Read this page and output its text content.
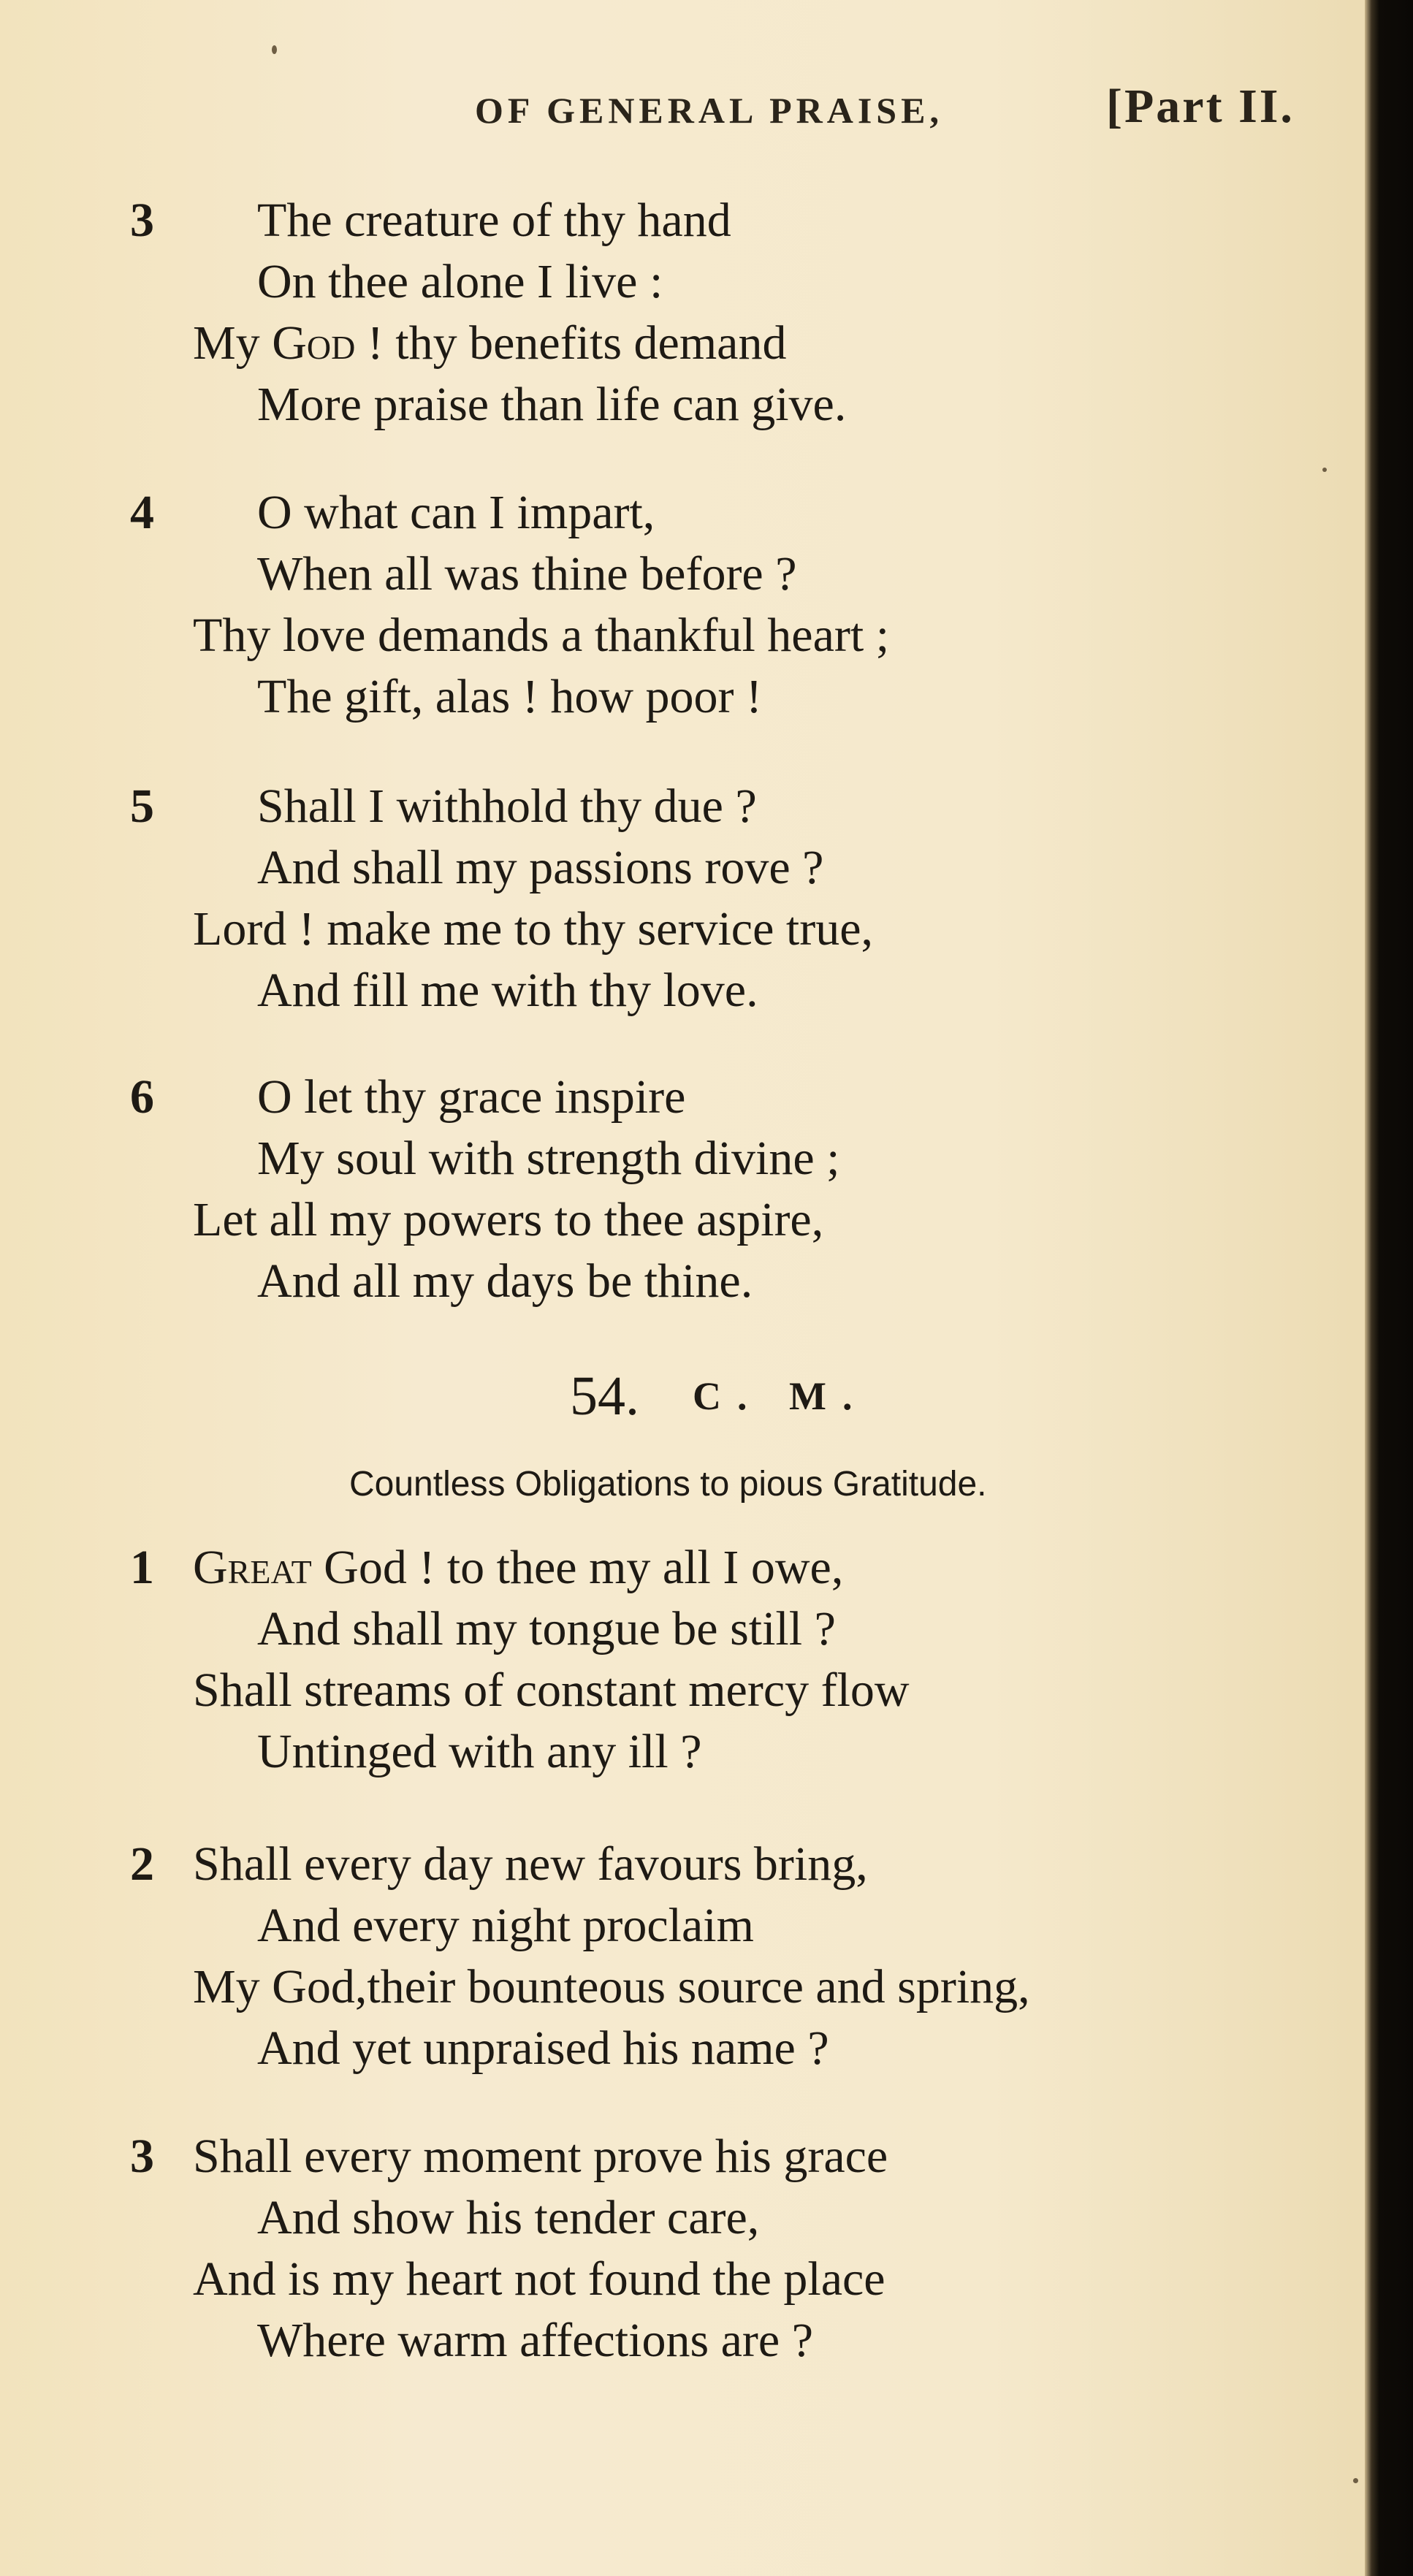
OF GENERAL PRAISE,	[Part II.
3 The creature of thy hand
On thee alone I live :
My God ! thy benefits demand
More praise than life can give.
4 O what can I impart,
When all was thine before ?
Thy love demands a thankful heart ;
The gift, alas ! how poor !
5 Shall I withhold thy due ?
And shall my passions rove ?
Lord ! make me to thy service true,
And fill me with thy love.
6 O let thy grace inspire
My soul with strength divine ;
Let all my powers to thee aspire,
And all my days be thine.
54. C. M.
Countless Obligations to pious Gratitude.
1 Great God ! to thee my all I owe,
And shall my tongue be still ?
Shall streams of constant mercy flow
Untinged with any ill ?
2 Shall every day new favours bring,
And every night proclaim
My God,their bounteous source and spring,
And yet unpraised his name ?
3 Shall every moment prove his grace
And show his tender care,
And is my heart not found the place
Where warm affections are ?
